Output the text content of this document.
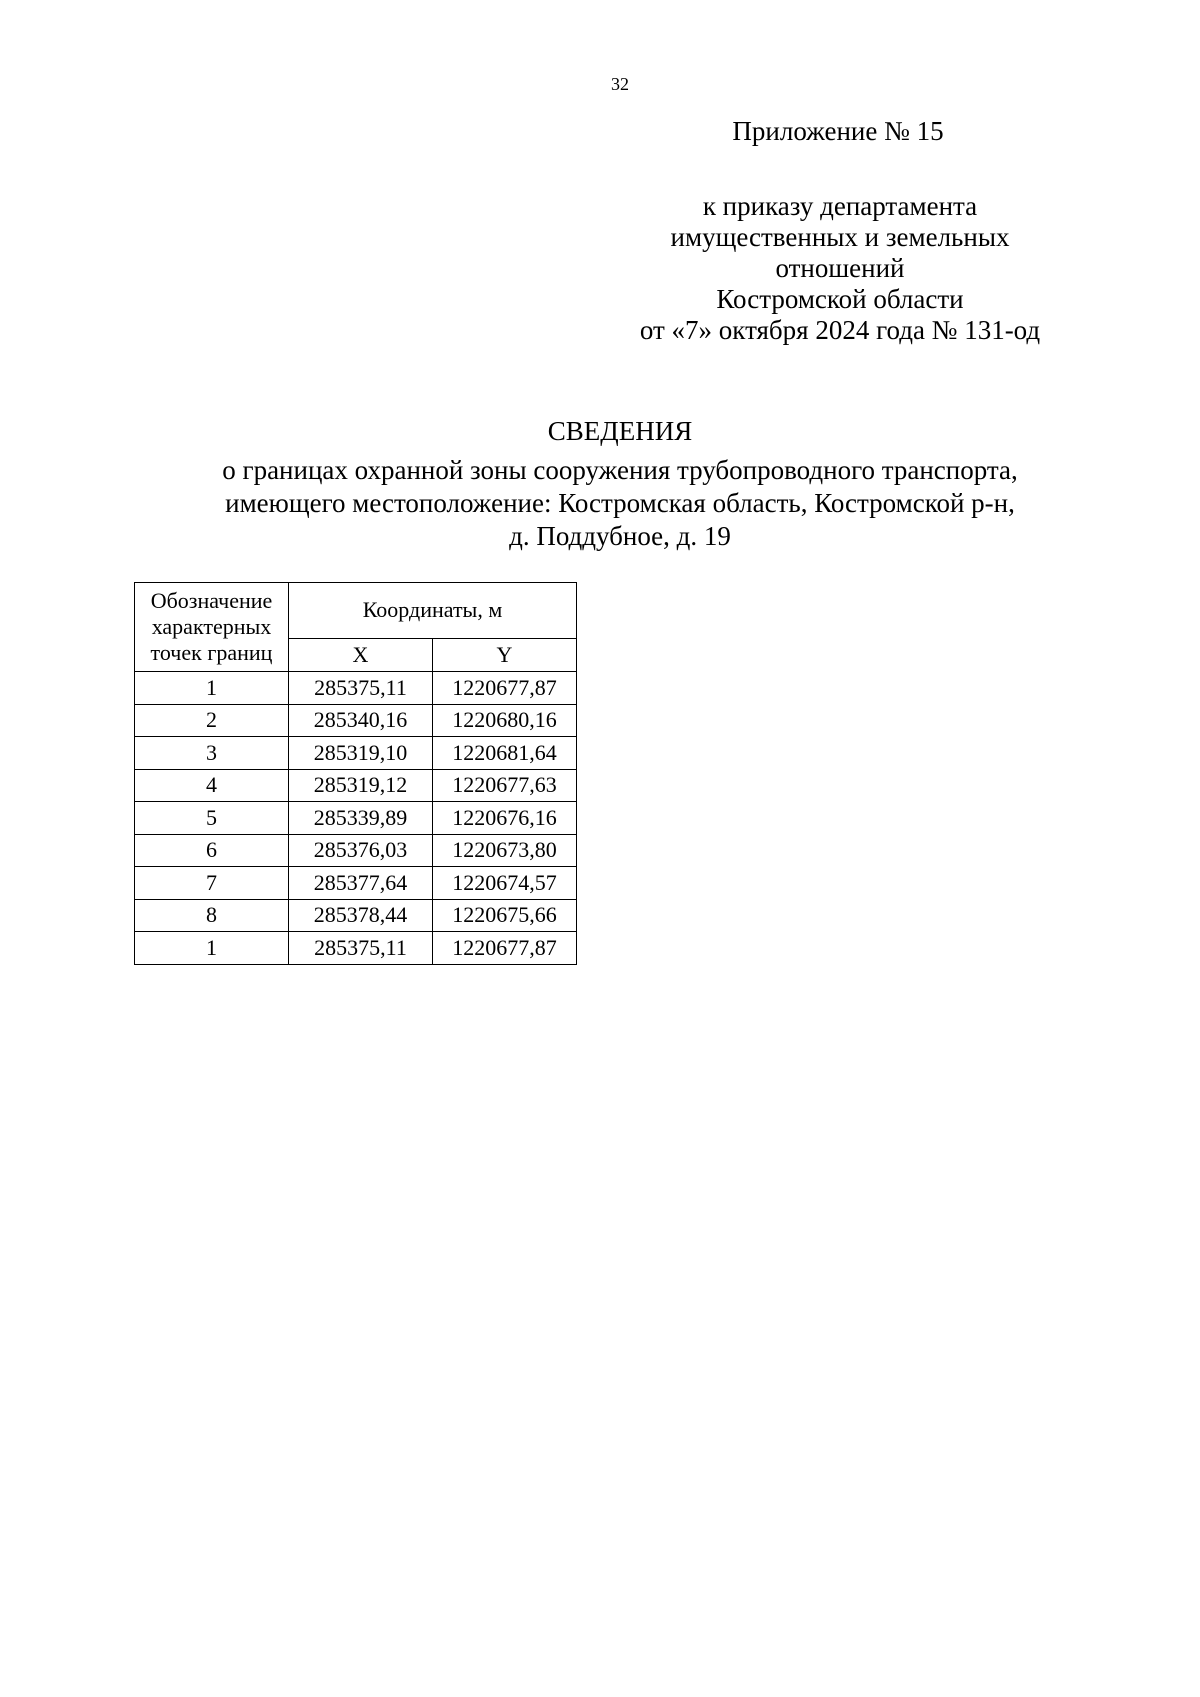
32
Приложение № 15
к приказу департамента
имущественных и земельных
отношений
Костромской области
от «7» октября 2024 года № 131-од
СВЕДЕНИЯ
о границах охранной зоны сооружения трубопроводного транспорта,
имеющего местоположение: Костромская область, Костромской р-н,
д. Поддубное, д. 19
Обозначение
характерных
точек границ	Координаты, м	
	X	Y
1	285375,11	1220677,87
2	285340,16	1220680,16
3	285319,10	1220681,64
4	285319,12	1220677,63
5	285339,89	1220676,16
6	285376,03	1220673,80
7	285377,64	1220674,57
8	285378,44	1220675,66
1	285375,11	1220677,87
